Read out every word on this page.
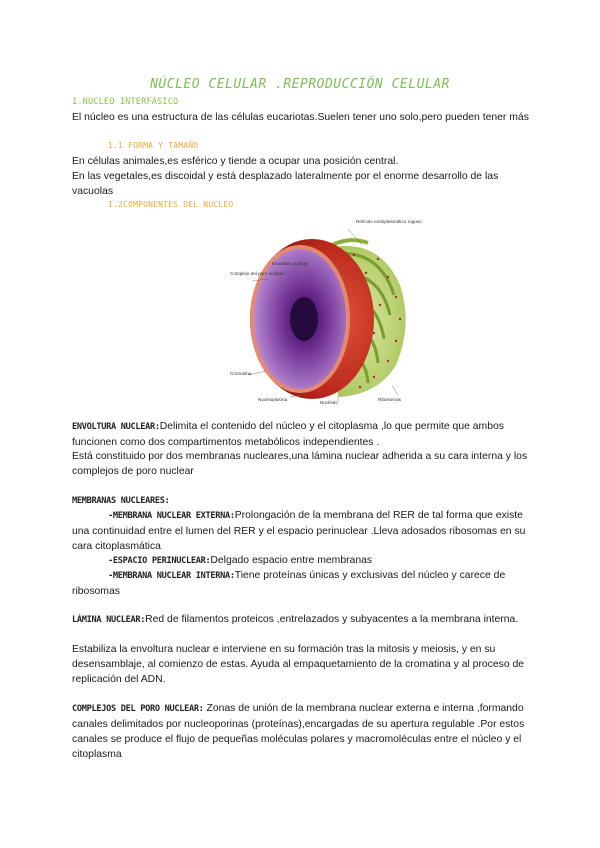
NÚCLEO CELULAR .REPRODUCCIÓN CELULAR
1.NÚCLEO INTERFÁSICO

El núcleo es una estructura de las células eucariotas.Suelen tener uno solo,pero pueden tener más

1.1 FORMA Y TAMAÑO

En células animales,es esférico y tiende a ocupar una posición central.

En las vegetales,es discoidal y está desplazado lateralmente por el enorme desarrollo de las vacuolas

1.2COMPONENTES DEL NÚCLEO
Retículo endoplasmático rugoso
Envoltura nuclear
Complejo del poro nuclear
Cromatina
Nucleoplasma
Nucléolo
Ribosomas

ENVOLTURA NUCLEAR:Delimita el contenido del núcleo y el citoplasma ,lo que permite que ambos funcionen como dos compartimentos metabólicos independientes .

Está constituido por dos membranas nucleares,una lámina nuclear adherida a su cara interna y los complejos de poro nuclear

MEMBRANAS NUCLEARES:

-MEMBRANA NUCLEAR EXTERNA:Prolongación de la membrana del RER de tal forma que existe una continuidad entre el lumen del RER y el espacio perinuclear .Lleva adosados ribosomas en su cara citoplasmática

-ESPACIO PERINUCLEAR:Delgado espacio entre membranas

-MEMBRANA NUCLEAR INTERNA:Tiene proteínas únicas y exclusivas del núcleo y carece de ribosomas

LÁMINA NUCLEAR:Red de filamentos proteicos ,entrelazados y subyacentes a la membrana interna.

Estabiliza la envoltura nuclear e interviene en su formación tras la mitosis y meiosis, y en su desensamblaje, al comienzo de estas. Ayuda al empaquetamiento de la cromatina y al proceso de replicación del ADN.

COMPLEJOS DEL PORO NUCLEAR: Zonas de unión de la membrana nuclear externa e interna ,formando canales delimitados por nucleoporinas (proteínas),encargadas de su apertura regulable .Por estos canales se produce el flujo de pequeñas moléculas polares y macromoléculas entre el núcleo y el citoplasma
